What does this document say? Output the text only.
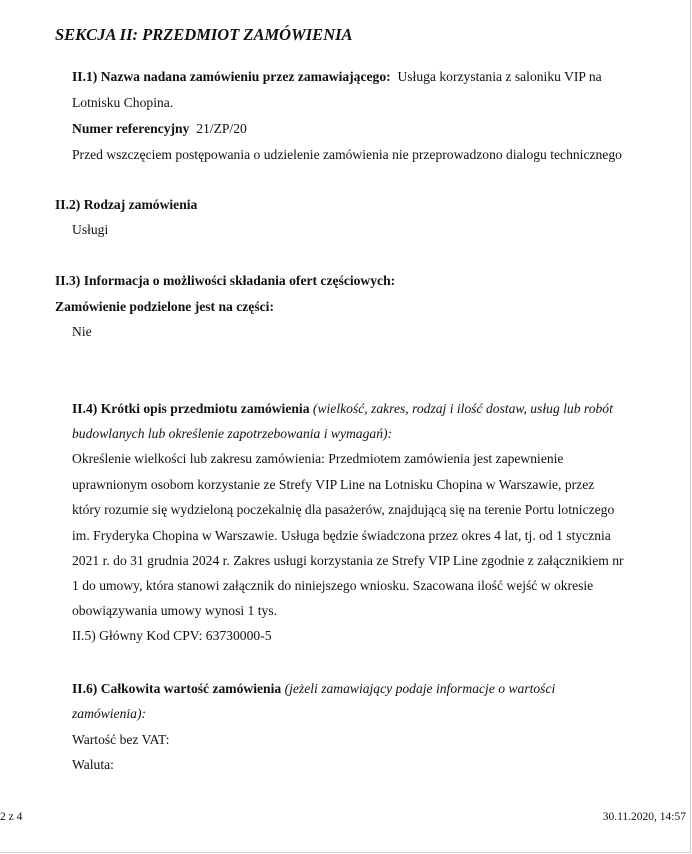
SEKCJA II: PRZEDMIOT ZAMÓWIENIA
II.1) Nazwa nadana zamówieniu przez zamawiającego: Usługa korzystania z saloniku VIP na
Lotnisku Chopina.
Numer referencyjny 21/ZP/20
Przed wszczęciem postępowania o udzielenie zamówienia nie przeprowadzono dialogu technicznego
II.2) Rodzaj zamówienia
Usługi
II.3) Informacja o możliwości składania ofert częściowych:
Zamówienie podzielone jest na części:
Nie
II.4) Krótki opis przedmiotu zamówienia (wielkość, zakres, rodzaj i ilość dostaw, usług lub robót
budowlanych lub określenie zapotrzebowania i wymagań):
Określenie wielkości lub zakresu zamówienia: Przedmiotem zamówienia jest zapewnienie
uprawnionym osobom korzystanie ze Strefy VIP Line na Lotnisku Chopina w Warszawie, przez
który rozumie się wydzieloną poczekalnię dla pasażerów, znajdującą się na terenie Portu lotniczego
im. Fryderyka Chopina w Warszawie. Usługa będzie świadczona przez okres 4 lat, tj. od 1 stycznia
2021 r. do 31 grudnia 2024 r. Zakres usługi korzystania ze Strefy VIP Line zgodnie z załącznikiem nr
1 do umowy, która stanowi załącznik do niniejszego wniosku. Szacowana ilość wejść w okresie
obowiązywania umowy wynosi 1 tys.
II.5) Główny Kod CPV: 63730000-5
II.6) Całkowita wartość zamówienia (jeżeli zamawiający podaje informacje o wartości
zamówienia):
Wartość bez VAT:
Waluta:
2 z 4	30.11.2020, 14:57
